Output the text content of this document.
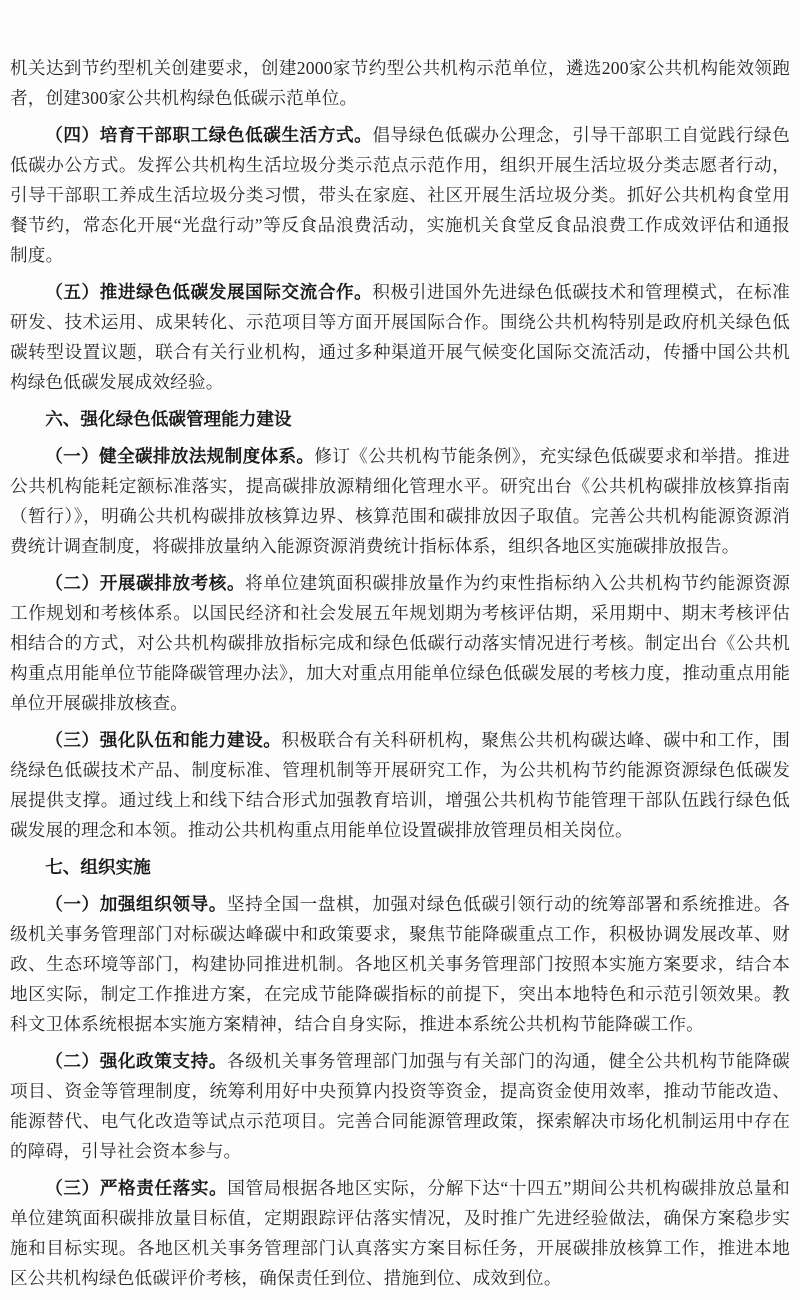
机关达到节约型机关创建要求，创建2000家节约型公共机构示范单位，遴选200家公共机构能效领跑者，创建300家公共机构绿色低碳示范单位。

（四）培育干部职工绿色低碳生活方式。倡导绿色低碳办公理念，引导干部职工自觉践行绿色低碳办公方式。发挥公共机构生活垃圾分类示范点示范作用，组织开展生活垃圾分类志愿者行动，引导干部职工养成生活垃圾分类习惯，带头在家庭、社区开展生活垃圾分类。抓好公共机构食堂用餐节约，常态化开展“光盘行动”等反食品浪费活动，实施机关食堂反食品浪费工作成效评估和通报制度。

（五）推进绿色低碳发展国际交流合作。积极引进国外先进绿色低碳技术和管理模式，在标准研发、技术运用、成果转化、示范项目等方面开展国际合作。围绕公共机构特别是政府机关绿色低碳转型设置议题，联合有关行业机构，通过多种渠道开展气候变化国际交流活动，传播中国公共机构绿色低碳发展成效经验。

六、强化绿色低碳管理能力建设

（一）健全碳排放法规制度体系。修订《公共机构节能条例》，充实绿色低碳要求和举措。推进公共机构能耗定额标准落实，提高碳排放源精细化管理水平。研究出台《公共机构碳排放核算指南（暂行）》，明确公共机构碳排放核算边界、核算范围和碳排放因子取值。完善公共机构能源资源消费统计调查制度，将碳排放量纳入能源资源消费统计指标体系，组织各地区实施碳排放报告。

（二）开展碳排放考核。将单位建筑面积碳排放量作为约束性指标纳入公共机构节约能源资源工作规划和考核体系。以国民经济和社会发展五年规划期为考核评估期，采用期中、期末考核评估相结合的方式，对公共机构碳排放指标完成和绿色低碳行动落实情况进行考核。制定出台《公共机构重点用能单位节能降碳管理办法》，加大对重点用能单位绿色低碳发展的考核力度，推动重点用能单位开展碳排放核查。

（三）强化队伍和能力建设。积极联合有关科研机构，聚焦公共机构碳达峰、碳中和工作，围绕绿色低碳技术产品、制度标准、管理机制等开展研究工作，为公共机构节约能源资源绿色低碳发展提供支撑。通过线上和线下结合形式加强教育培训，增强公共机构节能管理干部队伍践行绿色低碳发展的理念和本领。推动公共机构重点用能单位设置碳排放管理员相关岗位。

七、组织实施

（一）加强组织领导。坚持全国一盘棋，加强对绿色低碳引领行动的统筹部署和系统推进。各级机关事务管理部门对标碳达峰碳中和政策要求，聚焦节能降碳重点工作，积极协调发展改革、财政、生态环境等部门，构建协同推进机制。各地区机关事务管理部门按照本实施方案要求，结合本地区实际，制定工作推进方案，在完成节能降碳指标的前提下，突出本地特色和示范引领效果。教科文卫体系统根据本实施方案精神，结合自身实际，推进本系统公共机构节能降碳工作。

（二）强化政策支持。各级机关事务管理部门加强与有关部门的沟通，健全公共机构节能降碳项目、资金等管理制度，统筹利用好中央预算内投资等资金，提高资金使用效率，推动节能改造、能源替代、电气化改造等试点示范项目。完善合同能源管理政策，探索解决市场化机制运用中存在的障碍，引导社会资本参与。

（三）严格责任落实。国管局根据各地区实际，分解下达“十四五”期间公共机构碳排放总量和单位建筑面积碳排放量目标值，定期跟踪评估落实情况，及时推广先进经验做法，确保方案稳步实施和目标实现。各地区机关事务管理部门认真落实方案目标任务，开展碳排放核算工作，推进本地区公共机构绿色低碳评价考核，确保责任到位、措施到位、成效到位。
